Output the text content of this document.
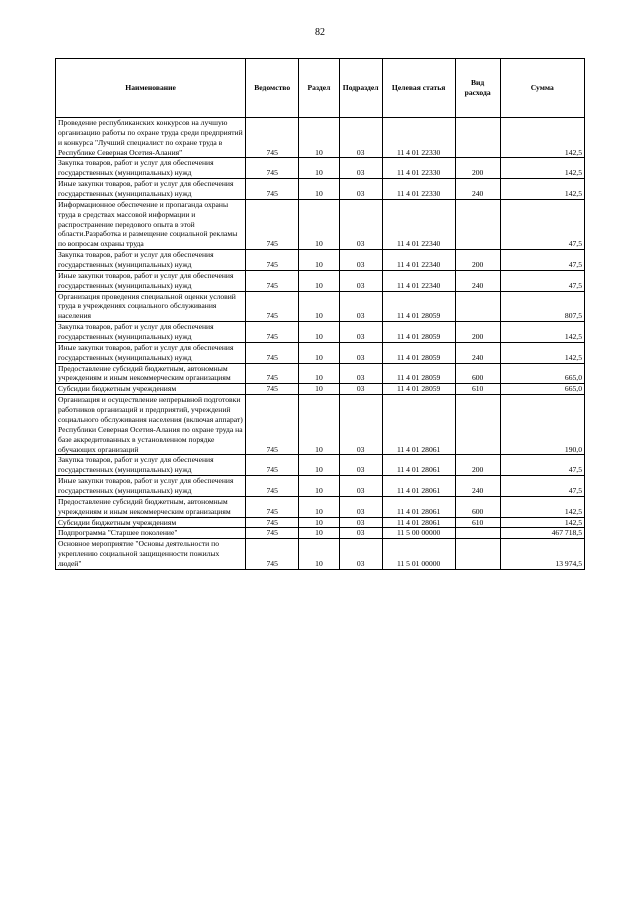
82
Наименование	Ведомство	Раздел	Подраздел	Целевая статья	Вид расхода	Сумма
Проведение республиканских конкурсов на лучшую организацию работы по охране труда среди предприятий и конкурса "Лучший специалист по охране труда в Республике Северная Осетия-Алания"	745	10	03	11 4 01 22330		142,5
Закупка товаров, работ и услуг для обеспечения государственных (муниципальных) нужд	745	10	03	11 4 01 22330	200	142,5
Иные закупки товаров, работ и услуг для обеспечения государственных (муниципальных) нужд	745	10	03	11 4 01 22330	240	142,5
Информационное обеспечение и пропаганда охраны труда в средствах массовой информации и распространение передового опыта в этой области.Разработка и размещение социальной рекламы по вопросам охраны труда	745	10	03	11 4 01 22340		47,5
Закупка товаров, работ и услуг для обеспечения государственных (муниципальных) нужд	745	10	03	11 4 01 22340	200	47,5
Иные закупки товаров, работ и услуг для обеспечения государственных (муниципальных) нужд	745	10	03	11 4 01 22340	240	47,5
Организация проведения специальной оценки условий труда в учреждениях социального обслуживания населения	745	10	03	11 4 01 28059		807,5
Закупка товаров, работ и услуг для обеспечения государственных (муниципальных) нужд	745	10	03	11 4 01 28059	200	142,5
Иные закупки товаров, работ и услуг для обеспечения государственных (муниципальных) нужд	745	10	03	11 4 01 28059	240	142,5
Предоставление субсидий бюджетным, автономным учреждениям и иным некоммерческим организациям	745	10	03	11 4 01 28059	600	665,0
Субсидии бюджетным учреждениям	745	10	03	11 4 01 28059	610	665,0
Организация и осуществление непрерывной подготовки работников организаций и предприятий, учреждений социального обслуживания населения (включая аппарат) Республики Северная Осетия-Алания по охране труда на базе аккредитованных в установленном порядке обучающих организаций	745	10	03	11 4 01 28061		190,0
Закупка товаров, работ и услуг для обеспечения государственных (муниципальных) нужд	745	10	03	11 4 01 28061	200	47,5
Иные закупки товаров, работ и услуг для обеспечения государственных (муниципальных) нужд	745	10	03	11 4 01 28061	240	47,5
Предоставление субсидий бюджетным, автономным учреждениям и иным некоммерческим организациям	745	10	03	11 4 01 28061	600	142,5
Субсидии бюджетным учреждениям	745	10	03	11 4 01 28061	610	142,5
Подпрограмма "Старшее поколение"	745	10	03	11 5 00 00000		467 718,5
Основное мероприятие "Основы деятельности по укреплению социальной защищенности пожилых людей"	745	10	03	11 5 01 00000		13 974,5
